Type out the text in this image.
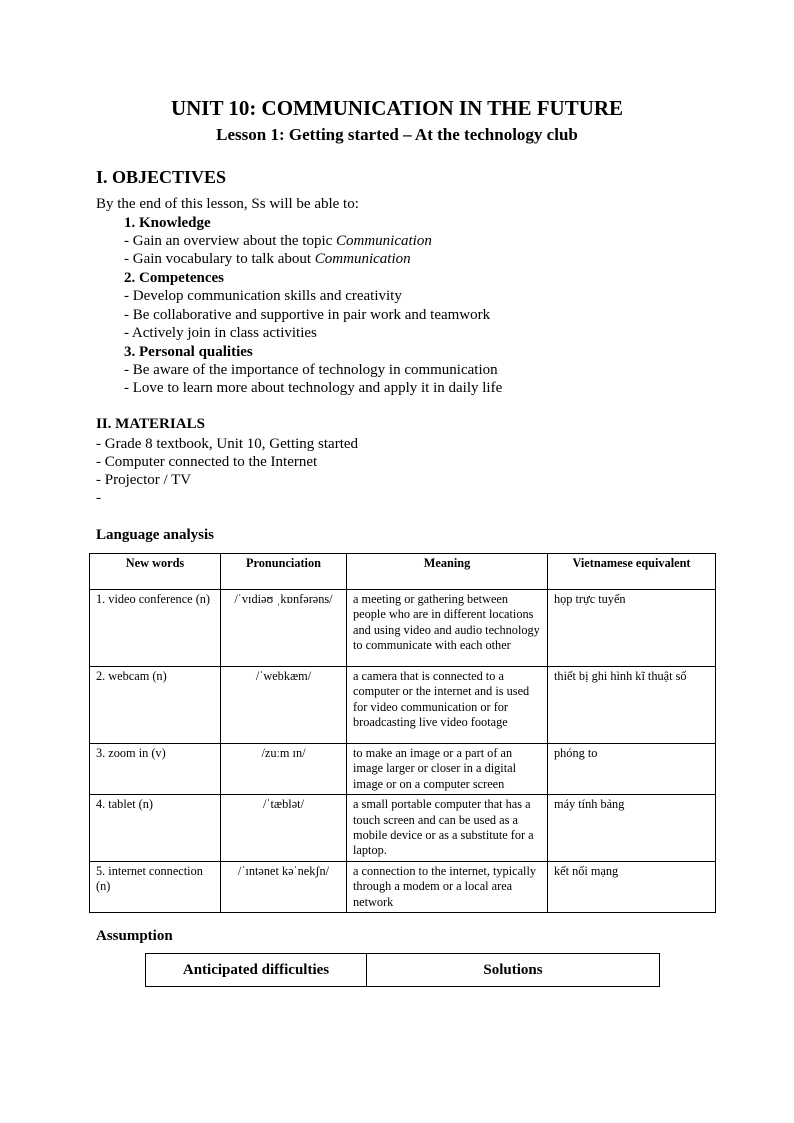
UNIT 10: COMMUNICATION IN THE FUTURE
Lesson 1: Getting started – At the technology club
I. OBJECTIVES
By the end of this lesson, Ss will be able to:
1. Knowledge
- Gain an overview about the topic Communication
- Gain vocabulary to talk about Communication
2. Competences
- Develop communication skills and creativity
- Be collaborative and supportive in pair work and teamwork
- Actively join in class activities
3. Personal qualities
- Be aware of the importance of technology in communication
- Love to learn more about technology and apply it in daily life
II. MATERIALS
- Grade 8 textbook, Unit 10, Getting started
- Computer connected to the Internet
- Projector / TV
-
Language analysis
New words	Pronunciation	Meaning	Vietnamese equivalent
1. video conference (n)	/ˈvɪdiəʊ ˌkɒnfərəns/	a meeting or gathering between people who are in different locations and using video and audio technology to communicate with each other	họp trực tuyến
2. webcam (n)	/ˈwebkæm/	a camera that is connected to a computer or the internet and is used for video communication or for broadcasting live video footage	thiết bị ghi hình kĩ thuật số
3. zoom in (v)	/zuːm ɪn/	to make an image or a part of an image larger or closer in a digital image or on a computer screen	phóng to
4. tablet (n)	/ˈtæblət/	a small portable computer that has a touch screen and can be used as a mobile device or as a substitute for a laptop.	máy tính bảng
5. internet connection (n)	/ˈɪntənet kəˈnekʃn/	a connection to the internet, typically through a modem or a local area network	kết nối mạng
Assumption
Anticipated difficulties	Solutions
